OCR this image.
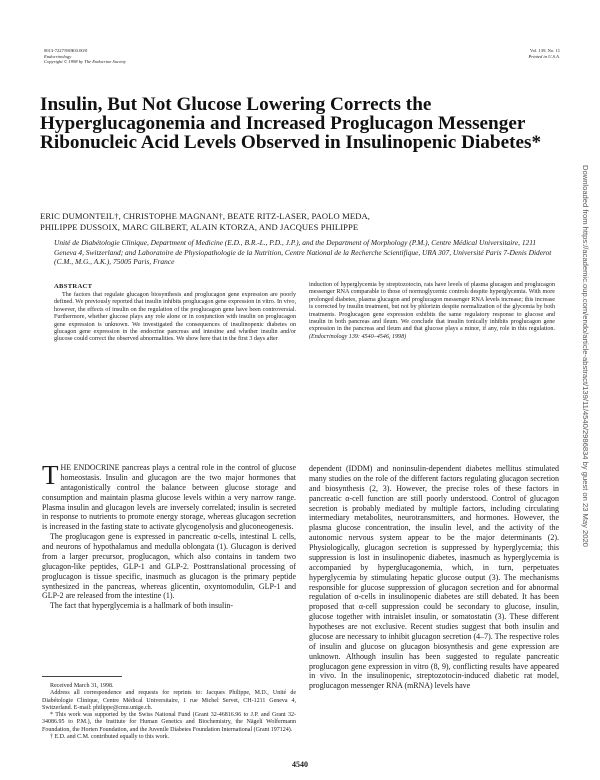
0013-7227/98/$03.00/0
Endocrinology
Copyright © 1998 by The Endocrine Society
Vol. 139, No. 11
Printed in U.S.A.
Insulin, But Not Glucose Lowering Corrects the Hyperglucagonemia and Increased Proglucagon Messenger Ribonucleic Acid Levels Observed in Insulinopenic Diabetes*
ERIC DUMONTEIL†, CHRISTOPHE MAGNAN†, BEATE RITZ-LASER, PAOLO MEDA,
PHILIPPE DUSSOIX, MARC GILBERT, ALAIN KTORZA, AND JACQUES PHILIPPE
Unité de Diabétologie Clinique, Department of Medicine (E.D., B.R.-L., P.D., J.P.), and the Department of Morphology (P.M.), Centre Médical Universitaire, 1211 Geneva 4, Switzerland; and Laboratoire de Physiopathologie de la Nutrition, Centre National de la Recherche Scientifique, URA 307, Université Paris 7-Denis Diderot (C.M., M.G., A.K.), 75005 Paris, France
ABSTRACT
The factors that regulate glucagon biosynthesis and proglucagon gene expression are poorly defined. We previously reported that insulin inhibits proglucagon gene expression in vitro. In vivo, however, the effects of insulin on the regulation of the proglucagon gene have been controversial. Furthermore, whether glucose plays any role alone or in conjunction with insulin on proglucagon gene expression is unknown. We investigated the consequences of insulinopenic diabetes on glucagon gene expression in the endocrine pancreas and intestine and whether insulin and/or glucose could correct the observed abnormalities. We show here that in the first 3 days after
induction of hyperglycemia by streptozotocin, rats have levels of plasma glucagon and proglucagon messenger RNA comparable to those of normoglycemic controls despite hyperglycemia. With more prolonged diabetes, plasma glucagon and proglucagon messenger RNA levels increase; this increase is corrected by insulin treatment, but not by phlorizin despite normalization of the glycemia by both treatments. Proglucagon gene expression exhibits the same regulatory response to glucose and insulin in both pancreas and ileum. We conclude that insulin tonically inhibits proglucagon gene expression in the pancreas and ileum and that glucose plays a minor, if any, role in this regulation. (Endocrinology 139: 4540–4546, 1998)

THE ENDOCRINE pancreas plays a central role in the control of glucose homeostasis. Insulin and glucagon are the two major hormones that antagonistically control the balance between glucose storage and consumption and maintain plasma glucose levels within a very narrow range. Plasma insulin and glucagon levels are inversely correlated; insulin is secreted in response to nutrients to promote energy storage, whereas glucagon secretion is increased in the fasting state to activate glycogenolysis and gluconeogenesis.

The proglucagon gene is expressed in pancreatic α-cells, intestinal L cells, and neurons of hypothalamus and medulla oblongata (1). Glucagon is derived from a larger precursor, proglucagon, which also contains in tandem two glucagon-like peptides, GLP-1 and GLP-2. Posttranslational processing of proglucagon is tissue specific, inasmuch as glucagon is the primary peptide synthesized in the pancreas, whereas glicentin, oxyntomodulin, GLP-1 and GLP-2 are released from the intestine (1).

The fact that hyperglycemia is a hallmark of both insulin-

dependent (IDDM) and noninsulin-dependent diabetes mellitus stimulated many studies on the role of the different factors regulating glucagon secretion and biosynthesis (2, 3). However, the precise roles of these factors in pancreatic α-cell function are still poorly understood. Control of glucagon secretion is probably mediated by multiple factors, including circulating intermediary metabolites, neurotransmitters, and hormones. However, the plasma glucose concentration, the insulin level, and the activity of the autonomic nervous system appear to be the major determinants (2). Physiologically, glucagon secretion is suppressed by hyperglycemia; this suppression is lost in insulinopenic diabetes, inasmuch as hyperglycemia is accompanied by hyperglucagonemia, which, in turn, perpetuates hyperglycemia by stimulating hepatic glucose output (3). The mechanisms responsible for glucose suppression of glucagon secretion and for abnormal regulation of α-cells in insulinopenic diabetes are still debated. It has been proposed that α-cell suppression could be secondary to glucose, insulin, glucose together with intraislet insulin, or somatostatin (3). These different hypotheses are not exclusive. Recent studies suggest that both insulin and glucose are necessary to inhibit glucagon secretion (4–7). The respective roles of insulin and glucose on glucagon biosynthesis and gene expression are unknown. Although insulin has been suggested to regulate pancreatic proglucagon gene expression in vitro (8, 9), conflicting results have appeared in vivo. In the insulinopenic, streptozotocin-induced diabetic rat model, proglucagon messenger RNA (mRNA) levels have

Received March 31, 1998.

Address all correspondence and requests for reprints to: Jacques Philippe, M.D., Unité de Diabétologie Clinique, Centre Médical Universitaire, 1 rue Michel Servet, CH-1211 Geneva 4, Switzerland. E-mail: philippe@cmu.unige.ch.

* This work was supported by the Swiss National Fund (Grant 32-46816.96 to J.P. and Grant 32-34086.95 to P.M.), the Institute for Human Genetics and Biochemistry, the Nägeli Wolfermann Foundation, the Horten Foundation, and the Juvenile Diabetes Foundation International (Grant 197124).

† E.D. and C.M. contributed equally to this work.

4540
Downloaded from https://academic.oup.com/endo/article-abstract/139/11/4540/2986834 by guest on 23 May 2020
